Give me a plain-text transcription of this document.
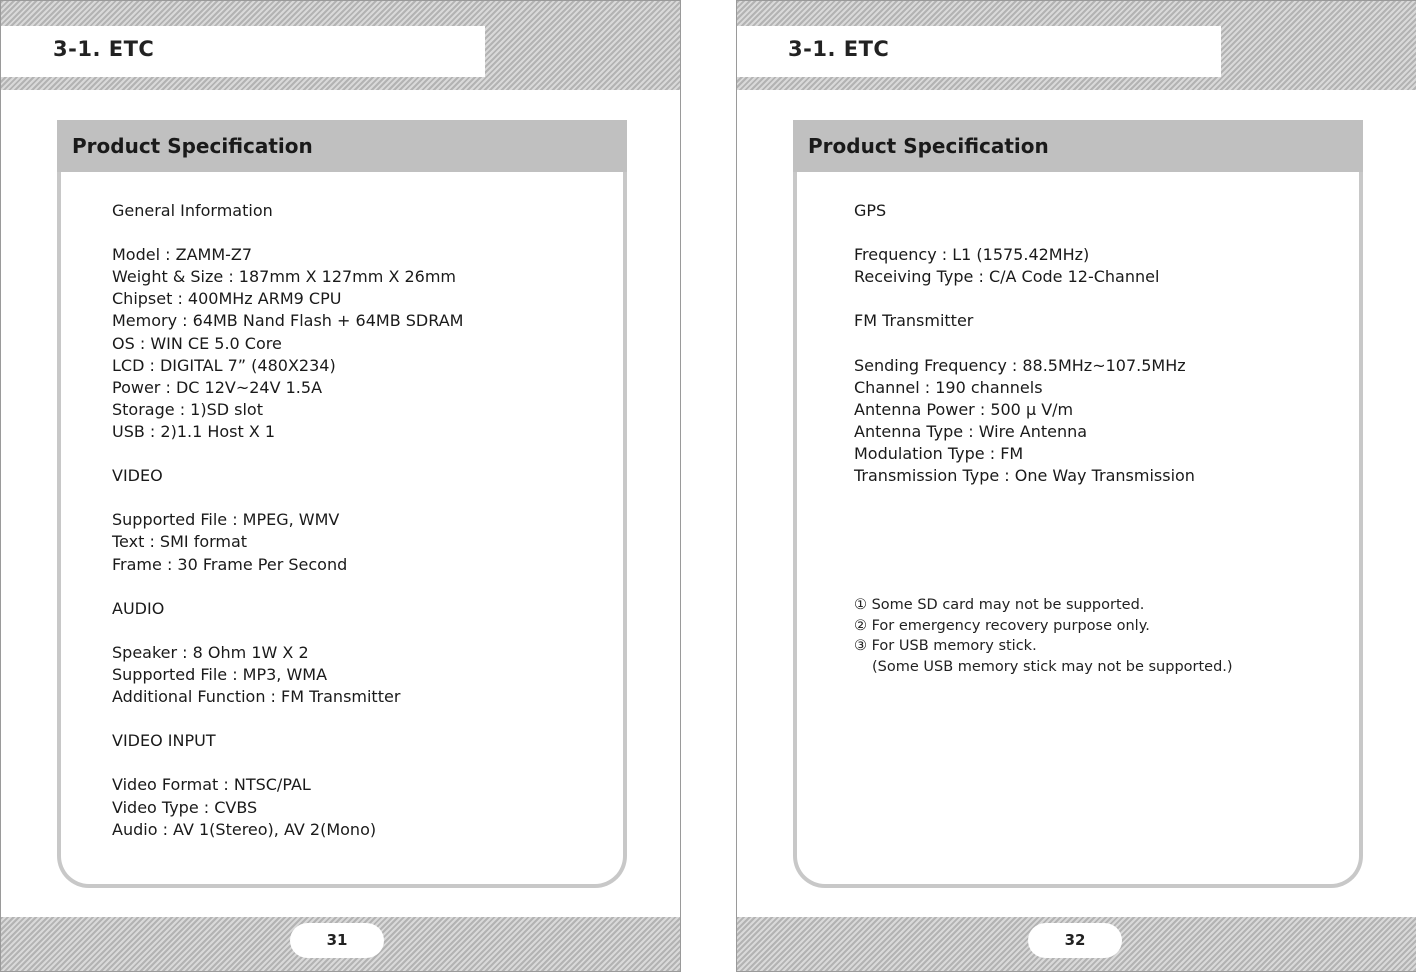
3-1. ETC
Product Specification
General Information
Model : ZAMM-Z7
Weight & Size : 187mm X 127mm X 26mm
Chipset : 400MHz ARM9 CPU
Memory : 64MB Nand Flash + 64MB SDRAM
OS : WIN CE 5.0 Core
LCD : DIGITAL 7” (480X234)
Power : DC 12V~24V 1.5A
Storage : 1)SD slot
USB : 2)1.1 Host X 1
VIDEO
Supported File : MPEG, WMV
Text : SMI format
Frame : 30 Frame Per Second
AUDIO
Speaker : 8 Ohm 1W X 2
Supported File : MP3, WMA
Additional Function : FM Transmitter
VIDEO INPUT
Video Format : NTSC/PAL
Video Type : CVBS
Audio : AV 1(Stereo), AV 2(Mono)
31
3-1. ETC
Product Specification
GPS
Frequency : L1 (1575.42MHz)
Receiving Type : C/A Code 12-Channel
FM Transmitter
Sending Frequency : 88.5MHz~107.5MHz
Channel : 190 channels
Antenna Power : 500 μ V/m
Antenna Type : Wire Antenna
Modulation Type : FM
Transmission Type : One Way Transmission
① Some SD card may not be supported.
② For emergency recovery purpose only.
③ For USB memory stick.
(Some USB memory stick may not be supported.)
32
